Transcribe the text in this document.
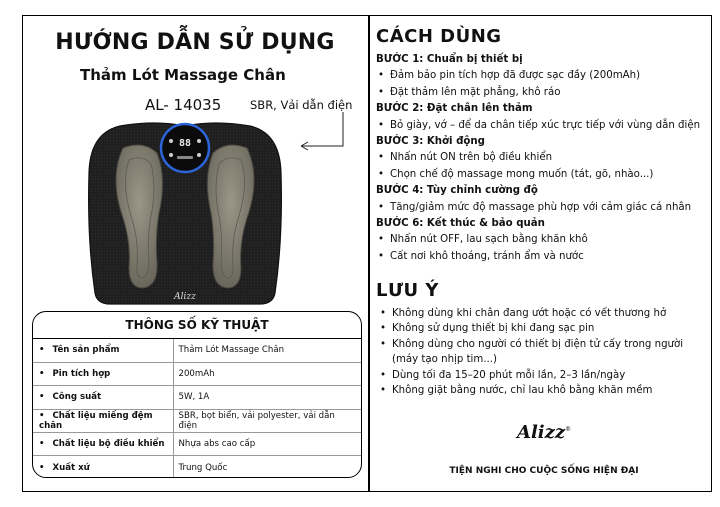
HƯỚNG DẪN SỬ DỤNG
Thảm Lót Massage Chân
AL- 14035 SBR, Vải dẫn điện
88
Alizz
THÔNG SỐ KỸ THUẬT
• Tên sản phẩm	Thảm Lót Massage Chân
• Pin tích hợp	200mAh
• Công suất	5W, 1A
• Chất liệu miếng đệm chân	SBR, bọt biển, vải polyester, vải dẫn điện
• Chất liệu bộ điều khiển	Nhựa abs cao cấp
• Xuất xứ	Trung Quốc
CÁCH DÙNG
BƯỚC 1: Chuẩn bị thiết bị
• Đảm bảo pin tích hợp đã được sạc đầy (200mAh)
• Đặt thảm lên mặt phẳng, khô ráo
BƯỚC 2: Đặt chân lên thảm
• Bỏ giày, vớ – để da chân tiếp xúc trực tiếp với vùng dẫn điện
BƯỚC 3: Khởi động
• Nhấn nút ON trên bộ điều khiển
• Chọn chế độ massage mong muốn (tát, gõ, nhào...)
BƯỚC 4: Tùy chỉnh cường độ
• Tăng/giảm mức độ massage phù hợp với cảm giác cá nhân
BƯỚC 6: Kết thúc & bảo quản
• Nhấn nút OFF, lau sạch bằng khăn khô
• Cất nơi khô thoáng, tránh ẩm và nước
LƯU Ý
• Không dùng khi chân đang ướt hoặc có vết thương hở
• Không sử dụng thiết bị khi đang sạc pin
• Không dùng cho người có thiết bị điện tử cấy trong người (máy tạo nhịp tim...)
• Dùng tối đa 15–20 phút mỗi lần, 2–3 lần/ngày
• Không giặt bằng nước, chỉ lau khô bằng khăn mềm
Alizz®
TIỆN NGHI CHO CUỘC SỐNG HIỆN ĐẠI
